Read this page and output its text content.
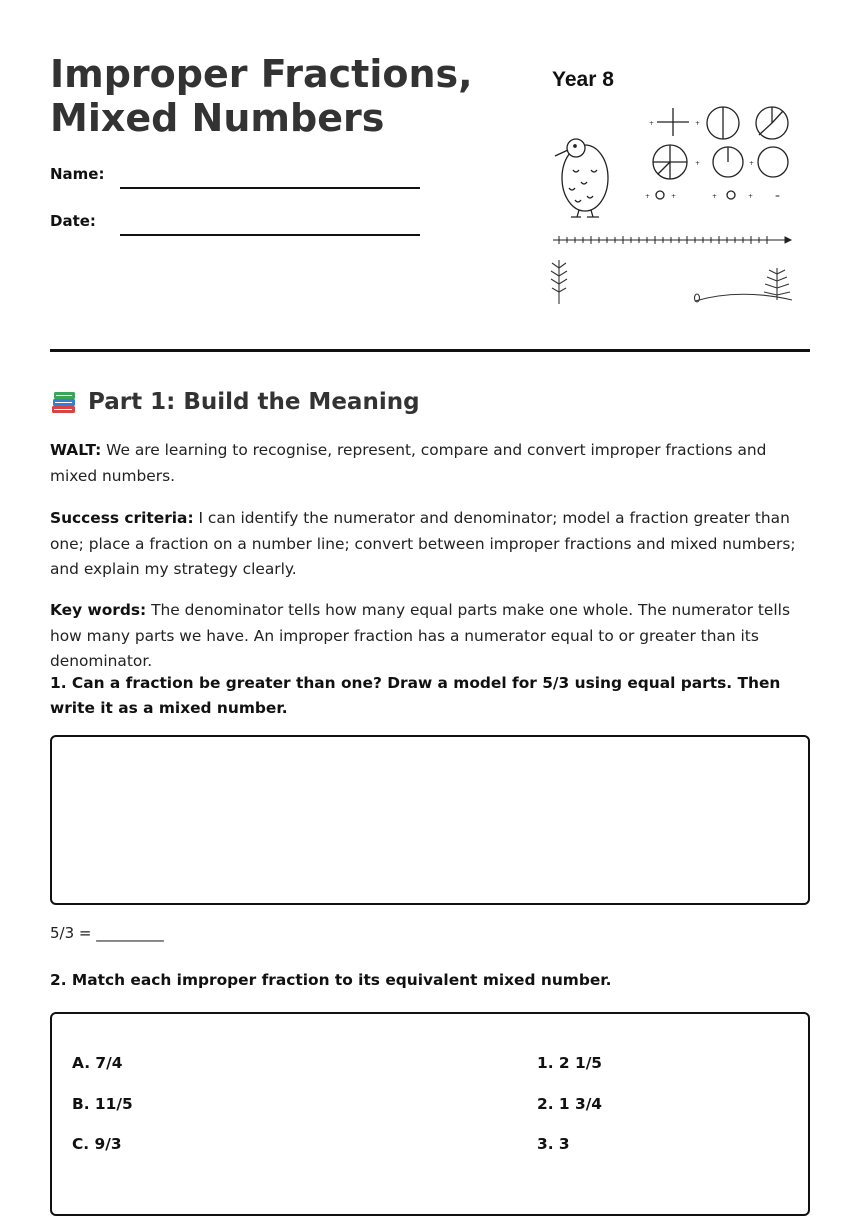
Improper Fractions,
Mixed Numbers
Name:
Date:
Year 8
+	+
+	+
+	+	+	+	=
Part 1: Build the Meaning

WALT: We are learning to recognise, represent, compare and convert improper fractions and mixed numbers.

Success criteria: I can identify the numerator and denominator; model a fraction greater than one; place a fraction on a number line; convert between improper fractions and mixed numbers; and explain my strategy clearly.

Key words: The denominator tells how many equal parts make one whole. The numerator tells how many parts we have. An improper fraction has a numerator equal to or greater than its denominator.

1. Can a fraction be greater than one? Draw a model for 5/3 using equal parts. Then write it as a mixed number.

5/3 = _________

2. Match each improper fraction to its equivalent mixed number.

A. 7/4
B. 11/5
C. 9/3
1. 2 1/5
2. 1 3/4
3. 3
